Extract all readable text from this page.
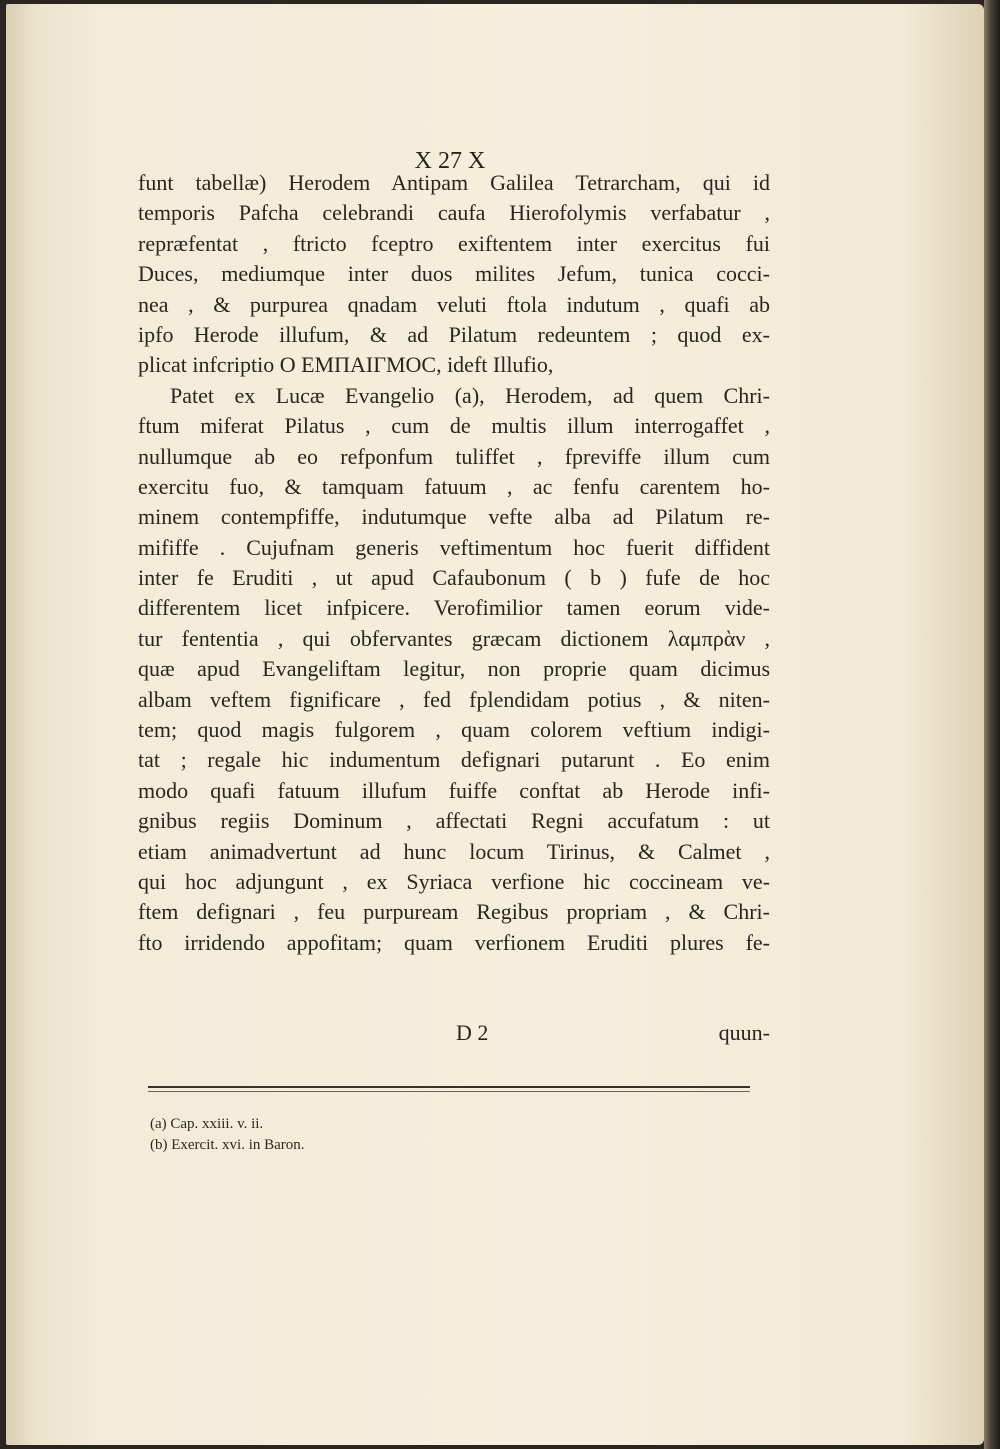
X 27 X
funt tabellæ) Herodem Antipam Galilea Tetrarcham, qui id
temporis Pafcha celebrandi caufa Hierofolymis verfabatur ,
repræfentat , ftricto fceptro exiftentem inter exercitus fui
Duces, mediumque inter duos milites Jefum, tunica cocci-
nea , & purpurea qnadam veluti ftola indutum , quafi ab
ipfo Herode illufum, & ad Pilatum redeuntem ; quod ex-
plicat infcriptio O EMΠAIΓMOC, ideft Illufio,
Patet ex Lucæ Evangelio (a), Herodem, ad quem Chri-
ftum miferat Pilatus , cum de multis illum interrogaffet ,
nullumque ab eo refponfum tuliffet , fpreviffe illum cum
exercitu fuo, & tamquam fatuum , ac fenfu carentem ho-
minem contempfiffe, indutumque vefte alba ad Pilatum re-
mififfe . Cujufnam generis veftimentum hoc fuerit diffident
inter fe Eruditi , ut apud Cafaubonum ( b ) fufe de hoc
differentem licet infpicere. Verofimilior tamen eorum vide-
tur fententia , qui obfervantes græcam dictionem λαμπρὰν ,
quæ apud Evangeliftam legitur, non proprie quam dicimus
albam veftem fignificare , fed fplendidam potius , & niten-
tem; quod magis fulgorem , quam colorem veftium indigi-
tat ; regale hic indumentum defignari putarunt . Eo enim
modo quafi fatuum illufum fuiffe conftat ab Herode infi-
gnibus regiis Dominum , affectati Regni accufatum : ut
etiam animadvertunt ad hunc locum Tirinus, & Calmet ,
qui hoc adjungunt , ex Syriaca verfione hic coccineam ve-
ftem defignari , feu purpuream Regibus propriam , & Chri-
fto irridendo appofitam; quam verfionem Eruditi plures fe-
D 2	quun-
(a) Cap. xxiii. v. ii.
(b) Exercit. xvi. in Baron.
